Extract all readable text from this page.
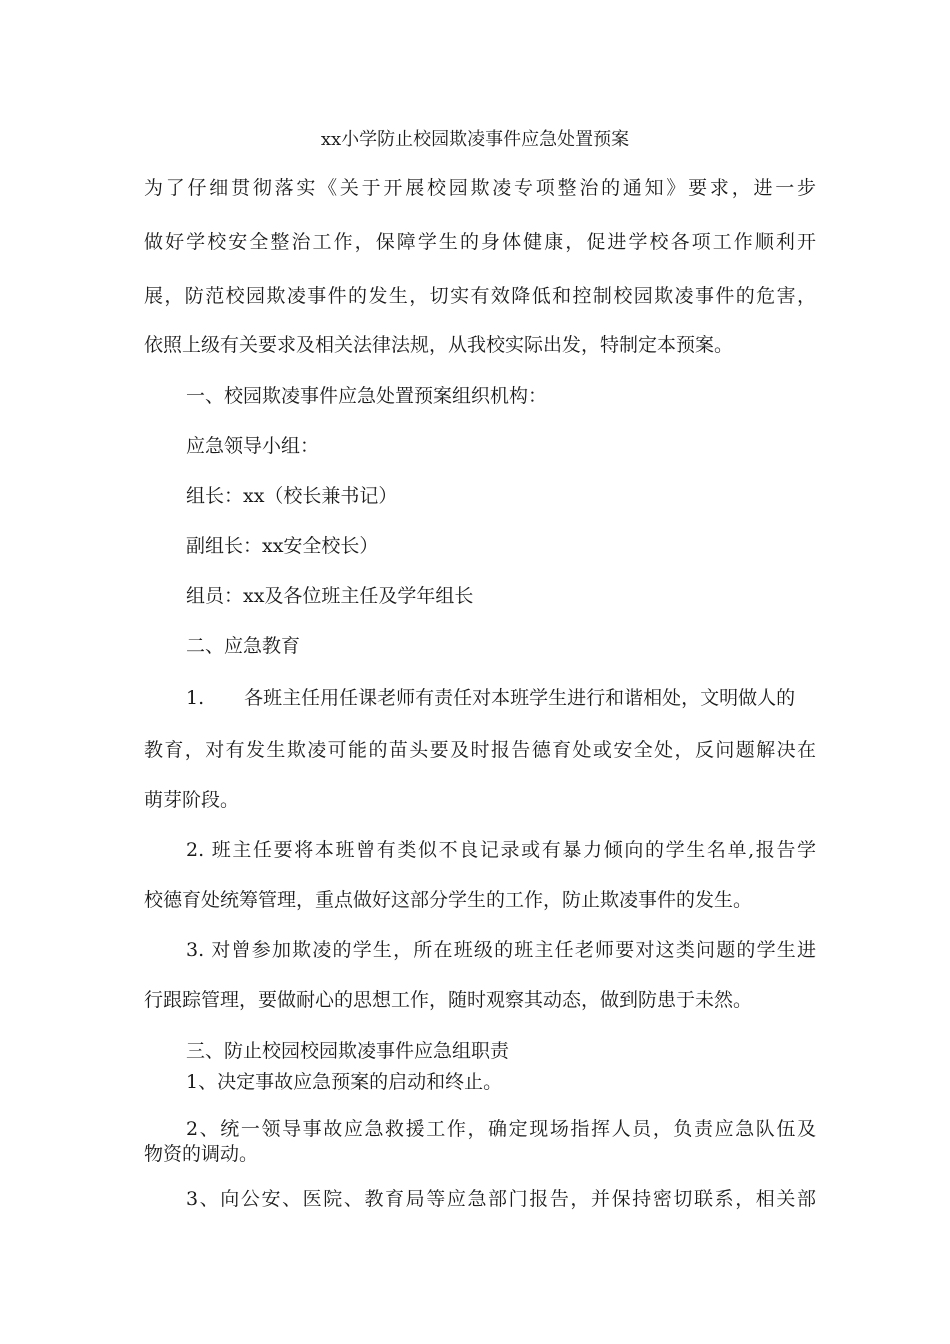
xx小学防止校园欺凌事件应急处置预案
为了仔细贯彻落实《关于开展校园欺凌专项整治的通知》要求，进一步
做好学校安全整治工作，保障学生的身体健康，促进学校各项工作顺利开
展，防范校园欺凌事件的发生，切实有效降低和控制校园欺凌事件的危害，
依照上级有关要求及相关法律法规，从我校实际出发，特制定本预案。
一、校园欺凌事件应急处置预案组织机构：
应急领导小组：
组长：xx（校长兼书记）
副组长：xx安全校长）
组员：xx及各位班主任及学年组长
二、应急教育
1. 各班主任用任课老师有责任对本班学生进行和谐相处，文明做人的
教育，对有发生欺凌可能的苗头要及时报告德育处或安全处，反问题解决在
萌芽阶段。
2. 班主任要将本班曾有类似不良记录或有暴力倾向的学生名单,报告学
校德育处统筹管理，重点做好这部分学生的工作，防止欺凌事件的发生。
3. 对曾参加欺凌的学生，所在班级的班主任老师要对这类问题的学生进
行跟踪管理，要做耐心的思想工作，随时观察其动态，做到防患于未然。
三、防止校园校园欺凌事件应急组职责
1、决定事故应急预案的启动和终止。
2、统一领导事故应急救援工作，确定现场指挥人员，负责应急队伍及
物资的调动。
3、向公安、医院、教育局等应急部门报告，并保持密切联系，相关部
